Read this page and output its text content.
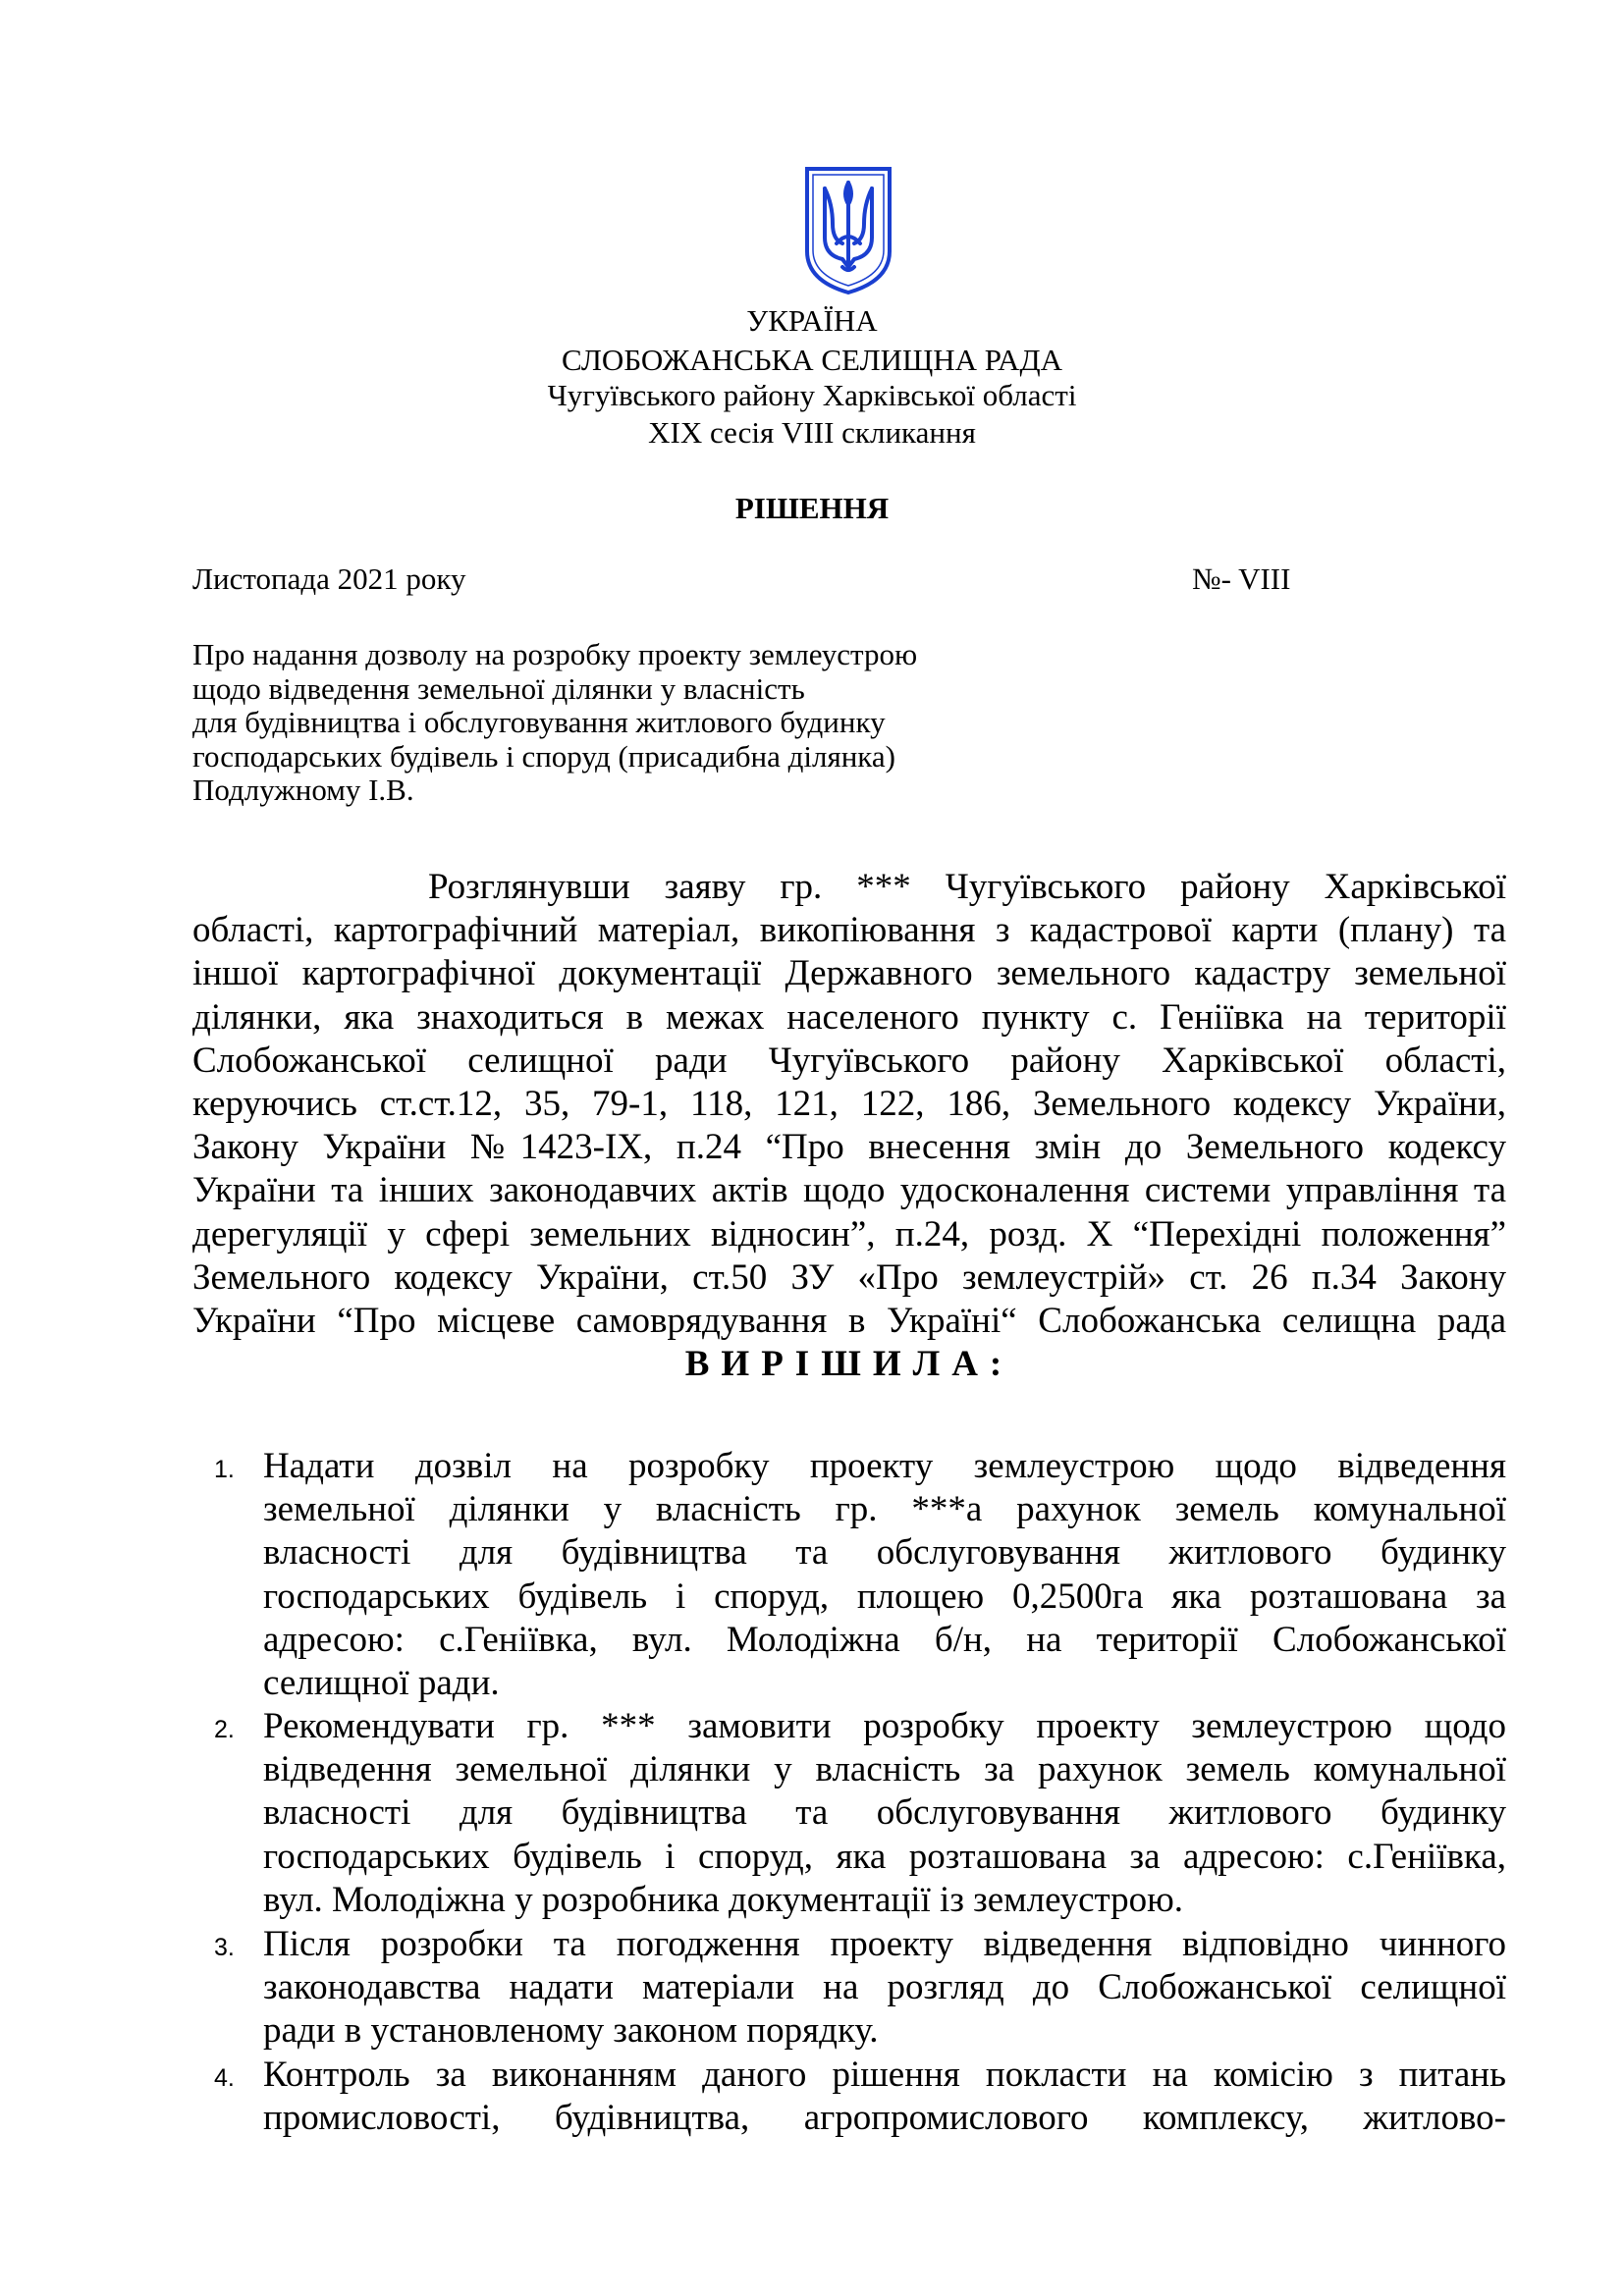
УКРАЇНА
СЛОБОЖАНСЬКА СЕЛИЩНА РАДА
Чугуївського району Харківської області
XIX сесія VIII скликання
РІШЕННЯ
Листопада 2021 року	№- VIII
Про надання дозволу на розробку проекту землеустрою
щодо відведення земельної ділянки у власність
для будівництва і обслуговування житлового будинку
господарських будівель і споруд (присадибна ділянка)
Подлужному І.В.
Розглянувши заяву гр. *** Чугуївського району Харківської
області, картографічний матеріал, викопіювання з кадастрової карти (плану) та
іншої картографічної документації Державного земельного кадастру земельної
ділянки, яка знаходиться в межах населеного пункту с. Геніївка на території
Слобожанської селищної ради Чугуївського району Харківської області,
керуючись ст.ст.12, 35, 79-1, 118, 121, 122, 186, Земельного кодексу України,
Закону України №1423-IX, п.24 “Про внесення змін до Земельного кодексу
України та інших законодавчих актів щодо удосконалення системи управління та
дерегуляції у сфері земельних відносин”, п.24, розд. X “Перехідні положення”
Земельного кодексу України, ст.50 ЗУ «Про землеустрій» ст. 26 п.34 Закону
України “Про місцеве самоврядування в Україні“ Слобожанська селищна рада
ВИРІШИЛА:
1. Надати дозвіл на розробку проекту землеустрою щодо відведення
земельної ділянки у власність гр. ***а рахунок земель комунальної
власності для будівництва та обслуговування житлового будинку
господарських будівель і споруд, площею 0,2500га яка розташована за
адресою: с.Геніївка, вул. Молодіжна б/н, на території Слобожанської
селищної ради.
2. Рекомендувати гр. *** замовити розробку проекту землеустрою щодо
відведення земельної ділянки у власність за рахунок земель комунальної
власності для будівництва та обслуговування житлового будинку
господарських будівель і споруд, яка розташована за адресою: с.Геніївка,
вул. Молодіжна у розробника документації із землеустрою.
3. Після розробки та погодження проекту відведення відповідно чинного
законодавства надати матеріали на розгляд до Слобожанської селищної
ради в установленому законом порядку.
4. Контроль за виконанням даного рішення покласти на комісію з питань
промисловості, будівництва, агропромислового комплексу, житлово-
